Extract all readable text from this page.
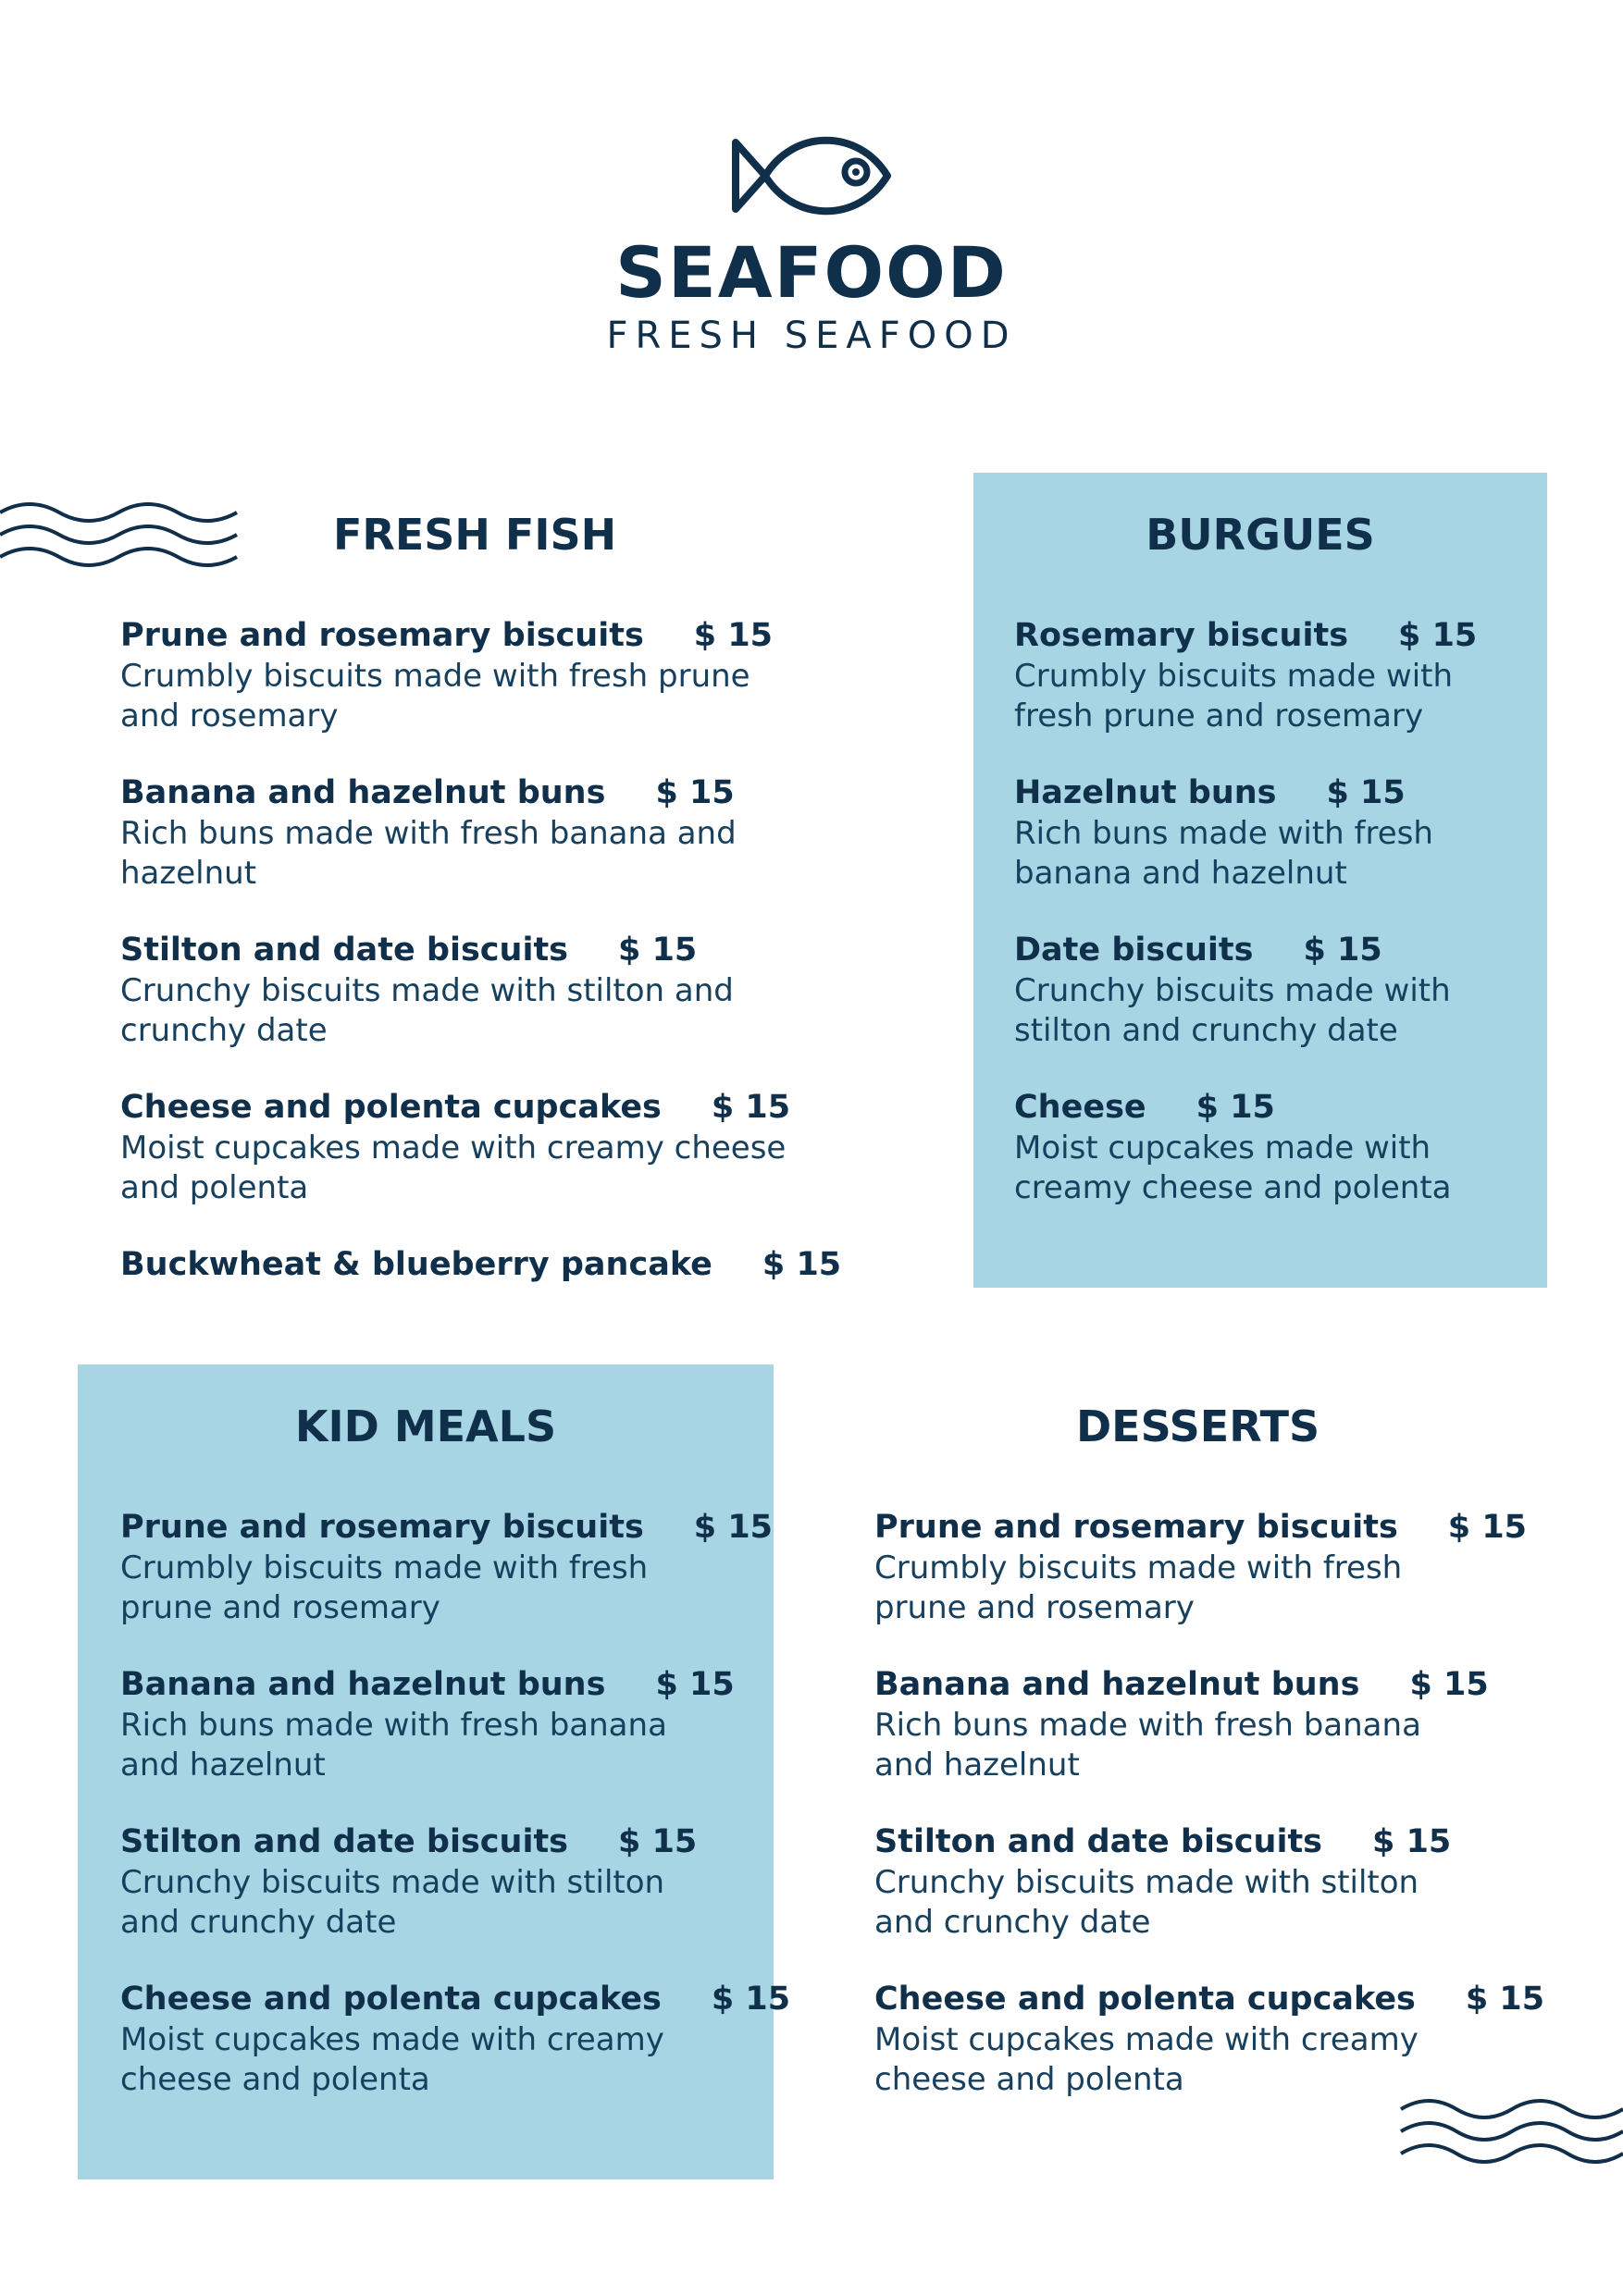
SEAFOOD
FRESH SEAFOOD
FRESH FISH
Prune and rosemary biscuits $ 15
Crumbly biscuits made with fresh prune and rosemary
Banana and hazelnut buns $ 15
Rich buns made with fresh banana and hazelnut
Stilton and date biscuits $ 15
Crunchy biscuits made with stilton and crunchy date
Cheese and polenta cupcakes $ 15
Moist cupcakes made with creamy cheese and polenta
Buckwheat & blueberry pancake $ 15
BURGUES
Rosemary biscuits $ 15
Crumbly biscuits made with fresh prune and rosemary
Hazelnut buns $ 15
Rich buns made with fresh banana and hazelnut
Date biscuits $ 15
Crunchy biscuits made with stilton and crunchy date
Cheese $ 15
Moist cupcakes made with creamy cheese and polenta
KID MEALS
Prune and rosemary biscuits $ 15
Crumbly biscuits made with fresh prune and rosemary
Banana and hazelnut buns $ 15
Rich buns made with fresh banana and hazelnut
Stilton and date biscuits $ 15
Crunchy biscuits made with stilton and crunchy date
Cheese and polenta cupcakes $ 15
Moist cupcakes made with creamy cheese and polenta
DESSERTS
Prune and rosemary biscuits $ 15
Crumbly biscuits made with fresh prune and rosemary
Banana and hazelnut buns $ 15
Rich buns made with fresh banana and hazelnut
Stilton and date biscuits $ 15
Crunchy biscuits made with stilton and crunchy date
Cheese and polenta cupcakes $ 15
Moist cupcakes made with creamy cheese and polenta
